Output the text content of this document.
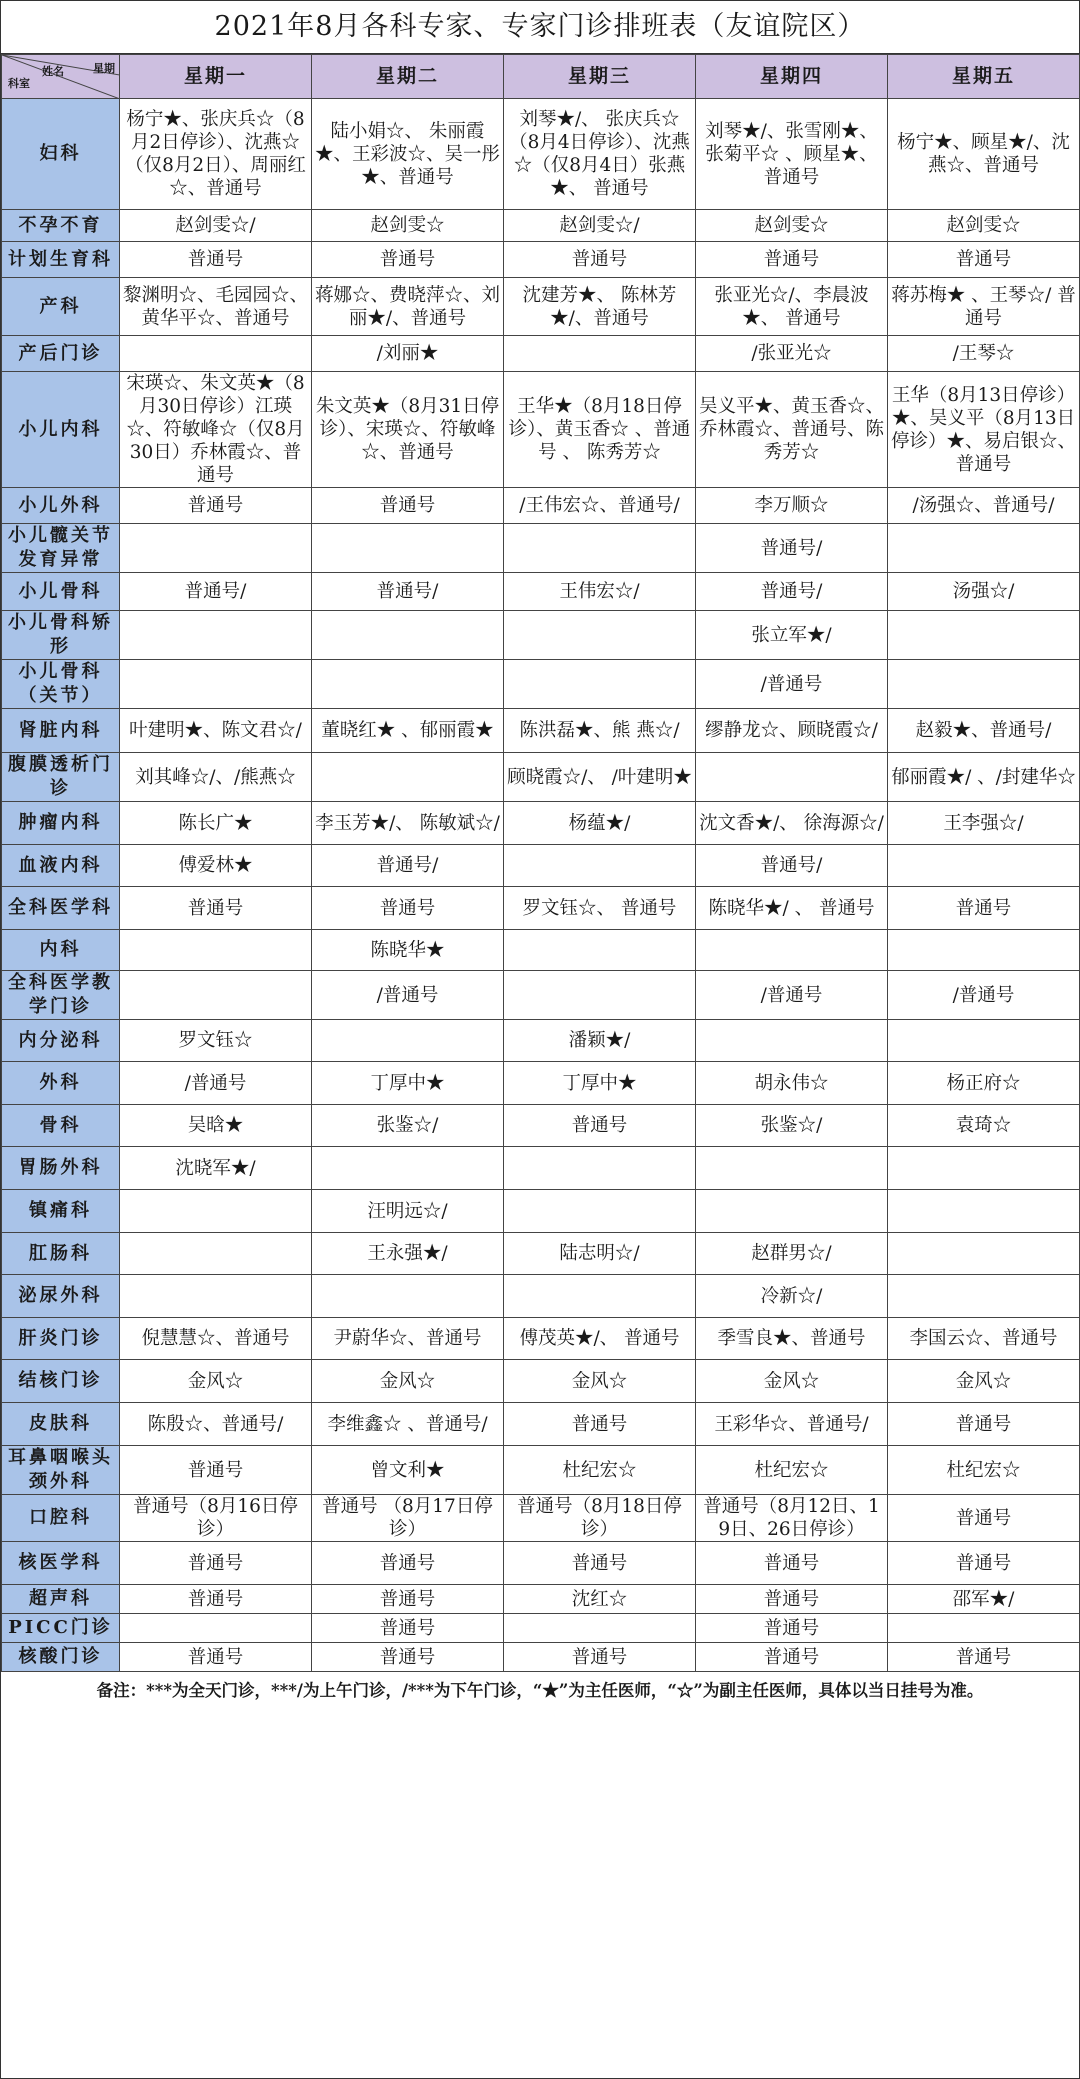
2021年8月各科专家、专家门诊排班表（友谊院区）
星期
姓名
科室	星期一	星期二	星期三	星期四	星期五
妇科	杨宁★、张庆兵☆（8月2日停诊）、沈燕☆（仅8月2日）、周丽红☆、普通号	陆小娟☆、 朱丽霞★、王彩波☆、吴一彤★、普通号	刘琴★/、 张庆兵☆（8月4日停诊）、沈燕☆（仅8月4日）张燕★、 普通号	刘琴★/、张雪刚★、张菊平☆ 、顾星★、普通号	杨宁★、顾星★/、沈燕☆、普通号
不孕不育	赵剑雯☆/	赵剑雯☆	赵剑雯☆/	赵剑雯☆	赵剑雯☆
计划生育科	普通号	普通号	普通号	普通号	普通号
产科	黎渊明☆、毛园园☆、黄华平☆、普通号	蒋娜☆、费晓萍☆、刘丽★/、普通号	沈建芳★、 陈林芳★/、普通号	张亚光☆/、李晨波★、 普通号	蒋苏梅★ 、王琴☆/ 普通号
产后门诊		/刘丽★		/张亚光☆	/王琴☆
小儿内科	宋瑛☆、朱文英★（8月30日停诊）江瑛☆、符敏峰☆（仅8月30日）乔林霞☆、普通号	朱文英★（8月31日停诊）、宋瑛☆、符敏峰☆、普通号	王华★（8月18日停诊）、黄玉香☆ 、普通号 、 陈秀芳☆	吴义平★、黄玉香☆、乔林霞☆、普通号、陈秀芳☆	王华（8月13日停诊）★、吴义平（8月13日停诊）★、易启银☆、普通号
小儿外科	普通号	普通号	/王伟宏☆、普通号/	李万顺☆	/汤强☆、普通号/
小儿髋关节发育异常				普通号/	
小儿骨科	普通号/	普通号/	王伟宏☆/	普通号/	汤强☆/
小儿骨科矫形				张立军★/	
小儿骨科（关节）				/普通号	
肾脏内科	叶建明★、陈文君☆/	董晓红★ 、郁丽霞★	陈洪磊★、熊 燕☆/	缪静龙☆、顾晓霞☆/	赵毅★、普通号/
腹膜透析门诊	刘其峰☆/、/熊燕☆		顾晓霞☆/、 /叶建明★		郁丽霞★/ 、/封建华☆
肿瘤内科	陈长广★	李玉芳★/、 陈敏斌☆/	杨蕴★/	沈文香★/、 徐海源☆/	王李强☆/
血液内科	傅爱林★	普通号/		普通号/	
全科医学科	普通号	普通号	罗文钰☆、 普通号	陈晓华★/ 、 普通号	普通号
内科		陈晓华★			
全科医学教学门诊		/普通号		/普通号	/普通号
内分泌科	罗文钰☆		潘颖★/		
外科	/普通号	丁厚中★	丁厚中★	胡永伟☆	杨正府☆
骨科	吴晗★	张鉴☆/	普通号	张鉴☆/	袁琦☆
胃肠外科	沈晓军★/				
镇痛科		汪明远☆/			
肛肠科		王永强★/	陆志明☆/	赵群男☆/	
泌尿外科				冷新☆/	
肝炎门诊	倪慧慧☆、普通号	尹蔚华☆、普通号	傅茂英★/、 普通号	季雪良★、普通号	李国云☆、普通号
结核门诊	金风☆	金风☆	金风☆	金风☆	金风☆
皮肤科	陈殷☆、普通号/	李维鑫☆ 、普通号/	普通号	王彩华☆、普通号/	普通号
耳鼻咽喉头颈外科	普通号	曾文利★	杜纪宏☆	杜纪宏☆	杜纪宏☆
口腔科	普通号（8月16日停诊）	普通号 （8月17日停诊）	普通号（8月18日停诊）	普通号（8月12日、19日、26日停诊）	普通号
核医学科	普通号	普通号	普通号	普通号	普通号
超声科	普通号	普通号	沈红☆	普通号	邵军★/
PICC门诊		普通号		普通号	
核酸门诊	普通号	普通号	普通号	普通号	普通号
备注：***为全天门诊，***/为上午门诊，/***为下午门诊，“★”为主任医师，“☆”为副主任医师，具体以当日挂号为准。
